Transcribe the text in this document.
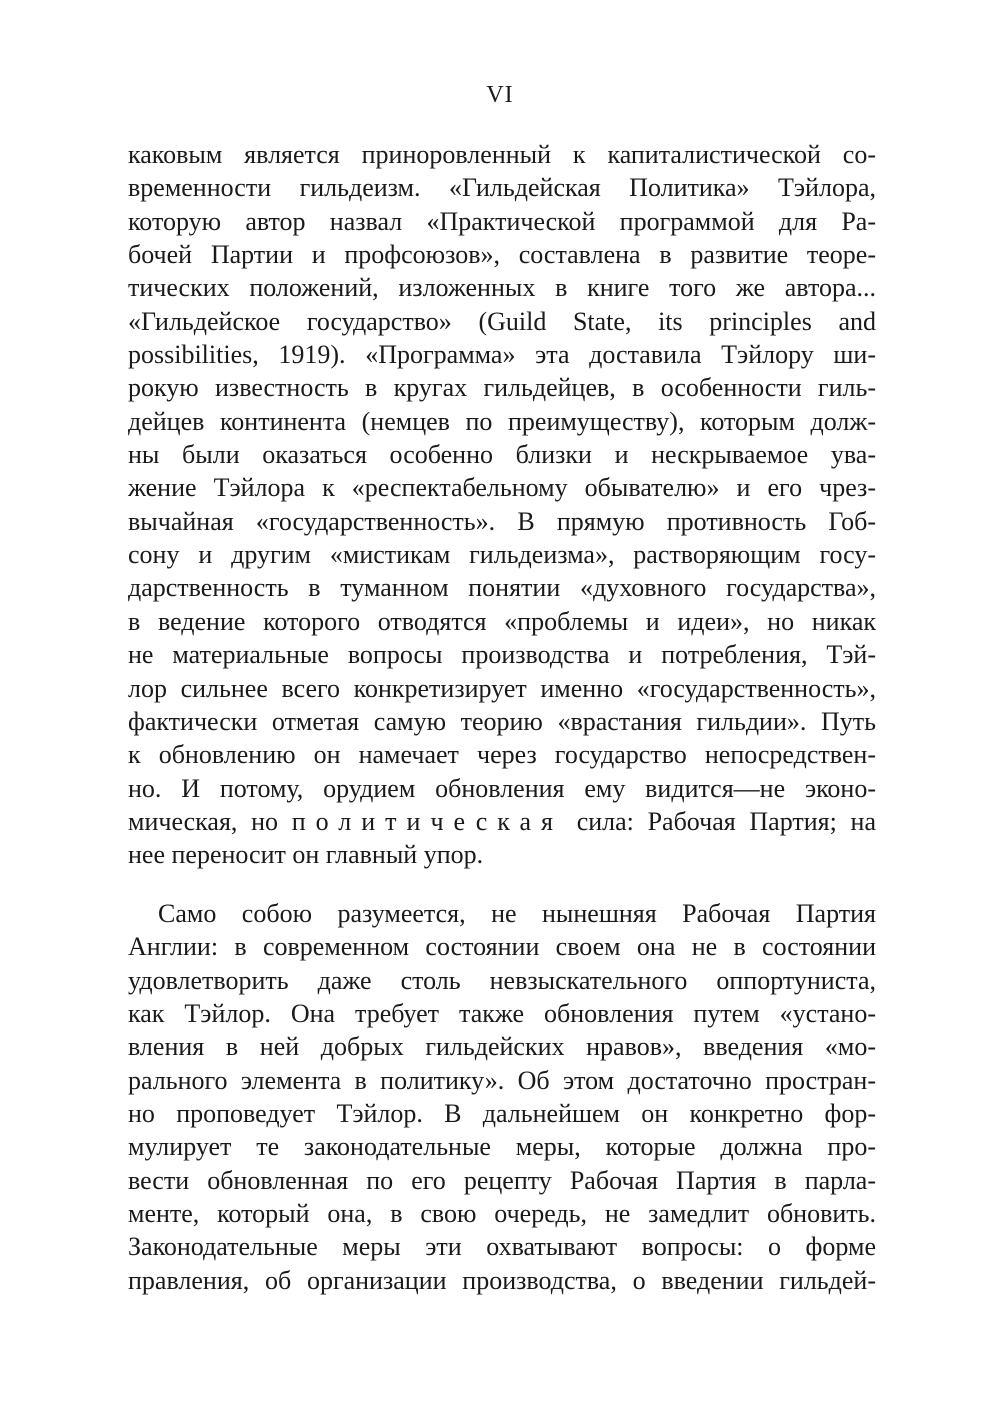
VI
каковым является приноровленный к капиталистической со-
временности гильдеизм. «Гильдейская Политика» Тэйлора,
которую автор назвал «Практической программой для Ра-
бочей Партии и профсоюзов», составлена в развитие теоре-
тических положений, изложенных в книге того же автора...
«Гильдейское государство» (Guild State, its principles and
possibilities, 1919). «Программа» эта доставила Тэйлору ши-
рокую известность в кругах гильдейцев, в особенности гиль-
дейцев континента (немцев по преимуществу), которым долж-
ны были оказаться особенно близки и нескрываемое ува-
жение Тэйлора к «респектабельному обывателю» и его чрез-
вычайная «государственность». В прямую противность Гоб-
сону и другим «мистикам гильдеизма», растворяющим госу-
дарственность в туманном понятии «духовного государства»,
в ведение которого отводятся «проблемы и идеи», но никак
не материальные вопросы производства и потребления, Тэй-
лор сильнее всего конкретизирует именно «государственность»,
фактически отметая самую теорию «врастания гильдии». Путь
к обновлению он намечает через государство непосредствен-
но. И потому, орудием обновления ему видится—не эконо-
мическая, но политическая сила: Рабочая Партия; на
нее переносит он главный упор.
Само собою разумеется, не нынешняя Рабочая Партия
Англии: в современном состоянии своем она не в состоянии
удовлетворить даже столь невзыскательного оппортуниста,
как Тэйлор. Она требует также обновления путем «устано-
вления в ней добрых гильдейских нравов», введения «мо-
рального элемента в политику». Об этом достаточно простран-
но проповедует Тэйлор. В дальнейшем он конкретно фор-
мулирует те законодательные меры, которые должна про-
вести обновленная по его рецепту Рабочая Партия в парла-
менте, который она, в свою очередь, не замедлит обновить.
Законодательные меры эти охватывают вопросы: о форме
правления, об организации производства, о введении гильдей-
